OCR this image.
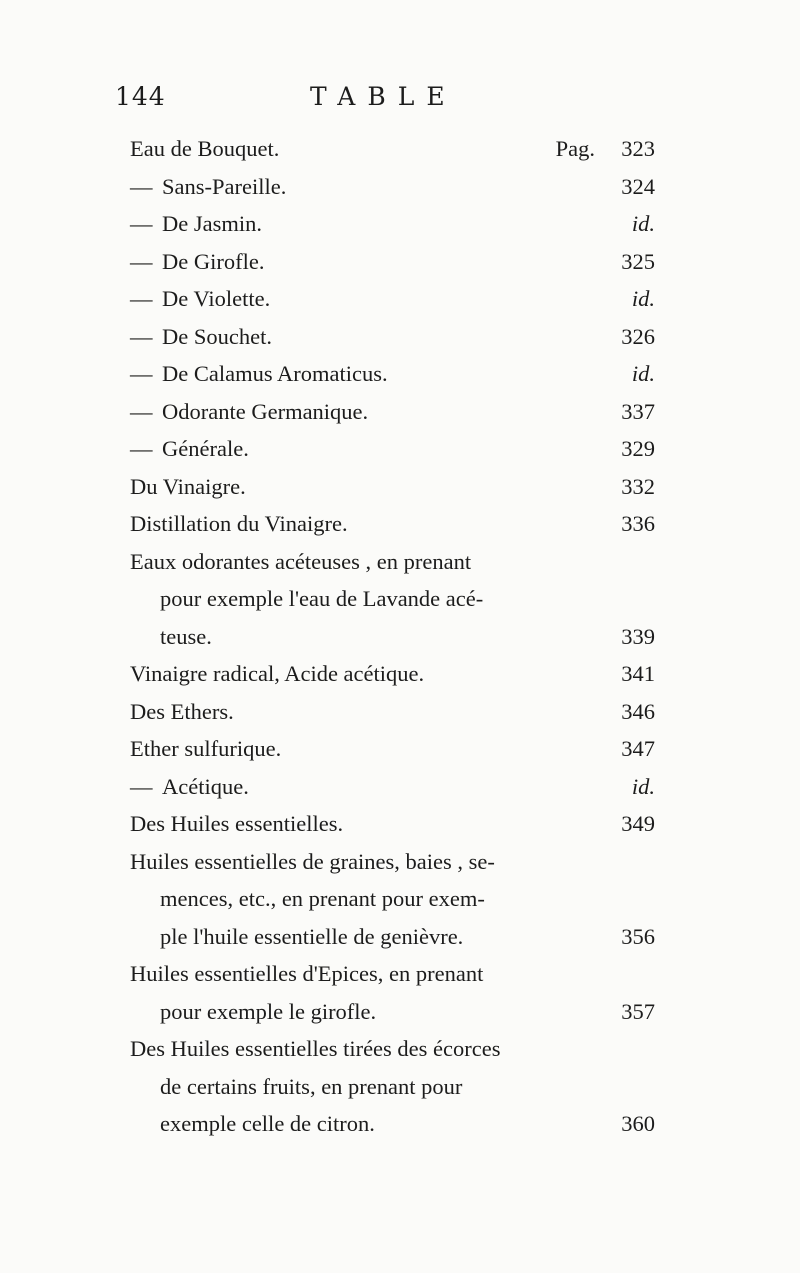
144	TABLE
Eau de Bouquet.	Pag. 323
— Sans-Pareille.	324
— De Jasmin.	id.
— De Girofle.	325
— De Violette.	id.
— De Souchet.	326
— De Calamus Aromaticus.	id.
— Odorante Germanique.	337
— Générale.	329
Du Vinaigre.	332
Distillation du Vinaigre.	336
Eaux odorantes acéteuses , en prenant
pour exemple l'eau de Lavande acé-
teuse.	339
Vinaigre radical, Acide acétique.	341
Des Ethers.	346
Ether sulfurique.	347
— Acétique.	id.
Des Huiles essentielles.	349
Huiles essentielles de graines, baies , se-
mences, etc., en prenant pour exem-
ple l'huile essentielle de genièvre.	356
Huiles essentielles d'Epices, en prenant
pour exemple le girofle.	357
Des Huiles essentielles tirées des écorces
de certains fruits, en prenant pour
exemple celle de citron.	360
